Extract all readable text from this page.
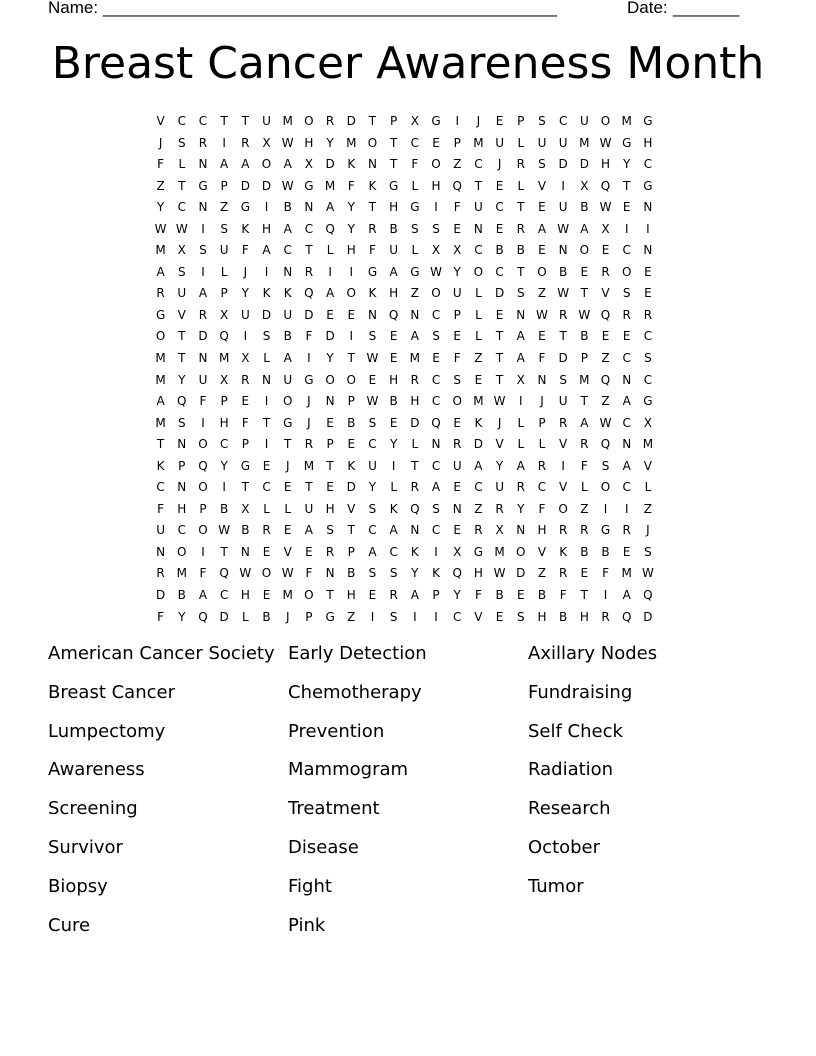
Name: ________________________________________________	Date: _______
Breast Cancer Awareness Month
V	C	C	T	T	U M O	R	D	T	P	X	G	I	J	E	P	S	C	U	O M G
J	S	R	I	R	X W H	Y	M O	T	C	E	P	M U	L	U	U M W G	H
F	L	N	A	A	O	A	X	D	K	N	T	F	O	Z	C	J	R	S	D D	H	Y	C
Z	T	G	P	D D W G M	F	K	G	L	H Q	T	E	L	V	I	X	Q	T	G
Y	C	N	Z	G	I	B	N	A	Y	T	H	G	I	F	U	C	T	E	U	B W E	N
W W	I	S	K	H	A	C	Q	Y	R	B	S	S	E	N	E	R	A W A	X	I	I
M X	S	U	F	A	C	T	L	H	F	U	L	X	X	C	B	B	E	N O	E	C	N
A	S	I	L	J	I	N	R	I	I	G	A	G W Y	O	C	T	O	B	E	R	O	E
R	U	A	P	Y	K	K	Q	A	O	K	H	Z	O	U	L	D	S	Z W T	V	S	E
G	V	R	X	U	D	U	D	E	E	N Q N	C	P	L	E	N W R W Q	R	R
O	T	D Q	I	S	B	F	D	I	S	E	A	S	E	L	T	A	E	T	B	E	E	C
M	T	N M X	L	A	I	Y	T W E	M	E	F	Z	T	A	F	D	P	Z	C	S
M	Y	U	X	R	N	U	G O O	E	H	R	C	S	E	T	X	N	S	M Q N	C
A	Q	F	P	E	I	O	J	N	P W B	H	C	O M W	I	J	U	T	Z	A	G
M	S	I	H	F	T	G	J	E	B	S	E	D Q	E	K	J	L	P	R	A W C	X
T	N O	C	P	I	T	R	P	E	C	Y	L	N	R	D	V	L	L	V	R	Q N M
K	P	Q	Y	G	E	J	M	T	K	U	I	T	C	U	A	Y	A	R	I	F	S	A	V
C	N O	I	T	C	E	T	E	D	Y	L	R	A	E	C	U	R	C	V	L	O	C	L
F	H	P	B	X	L	L	U	H	V	S	K	Q	S	N	Z	R	Y	F	O	Z	I	I	Z
U	C	O W B	R	E	A	S	T	C	A	N	C	E	R	X	N	H	R	R	G	R	J
N O	I	T	N	E	V	E	R	P	A	C	K	I	X	G M O	V	K	B	B	E	S
R M	F	Q W O W F	N	B	S	S	Y	K	Q H W D	Z	R	E	F	M W
D	B	A	C	H	E	M O	T	H	E	R	A	P	Y	F	B	E	B	F	T	I	A	Q
F	Y	Q D	L	B	J	P	G	Z	I	S	I	I	C	V	E	S	H	B	H	R	Q D
American Cancer Society
Breast Cancer
Lumpectomy
Awareness
Screening
Survivor
Biopsy
Cure
Early Detection
Chemotherapy
Prevention
Mammogram
Treatment
Disease
Fight
Pink
Axillary Nodes
Fundraising
Self Check
Radiation
Research
October
Tumor
